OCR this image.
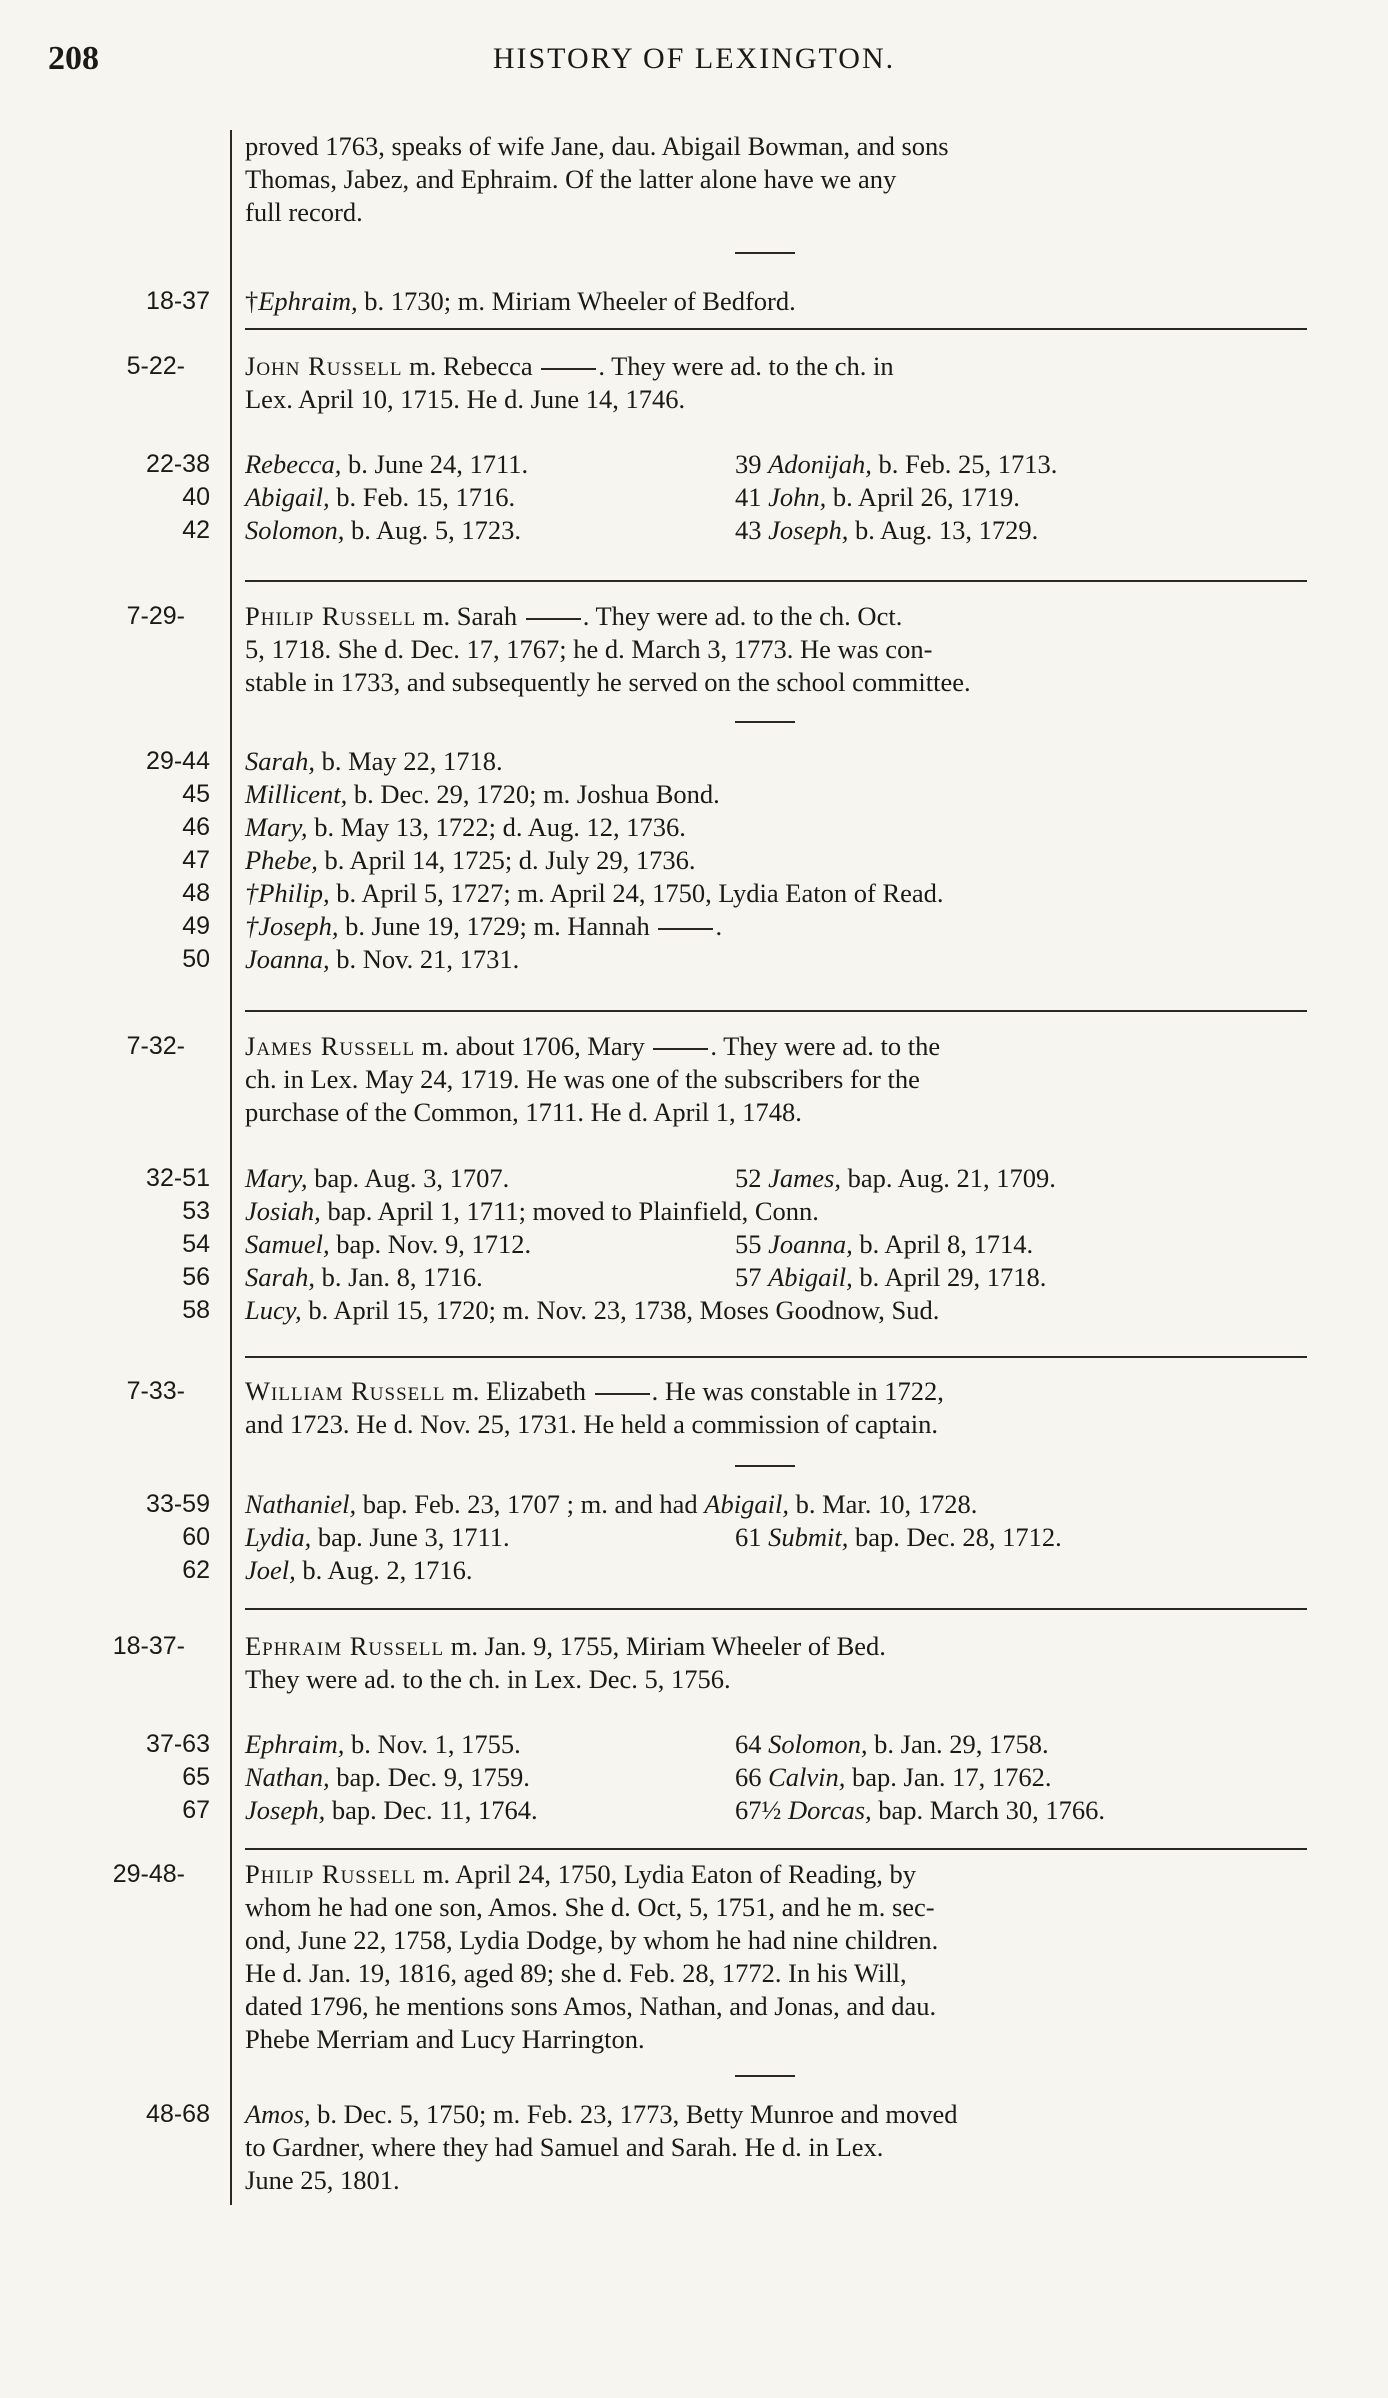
208	HISTORY OF LEXINGTON.
proved 1763, speaks of wife Jane, dau. Abigail Bowman, and sons
Thomas, Jabez, and Ephraim. Of the latter alone have we any
full record.
18-37 †Ephraim, b. 1730; m. Miriam Wheeler of Bedford.
5-22- John Russell m. Rebecca . They were ad. to the ch. in
Lex. April 10, 1715. He d. June 14, 1746.
22-38 Rebecca, b. June 24, 1711.	39 Adonijah, b. Feb. 25, 1713.
40 Abigail, b. Feb. 15, 1716.	41 John, b. April 26, 1719.
42 Solomon, b. Aug. 5, 1723.	43 Joseph, b. Aug. 13, 1729.
7-29- Philip Russell m. Sarah . They were ad. to the ch. Oct.
5, 1718. She d. Dec. 17, 1767; he d. March 3, 1773. He was con-
stable in 1733, and subsequently he served on the school committee.
29-44 Sarah, b. May 22, 1718.
45 Millicent, b. Dec. 29, 1720; m. Joshua Bond.
46 Mary, b. May 13, 1722; d. Aug. 12, 1736.
47 Phebe, b. April 14, 1725; d. July 29, 1736.
48 †Philip, b. April 5, 1727; m. April 24, 1750, Lydia Eaton of Read.
49 †Joseph, b. June 19, 1729; m. Hannah .
50 Joanna, b. Nov. 21, 1731.
7-32- James Russell m. about 1706, Mary . They were ad. to the
ch. in Lex. May 24, 1719. He was one of the subscribers for the
purchase of the Common, 1711. He d. April 1, 1748.
32-51 Mary, bap. Aug. 3, 1707.	52 James, bap. Aug. 21, 1709.
53 Josiah, bap. April 1, 1711; moved to Plainfield, Conn.
54 Samuel, bap. Nov. 9, 1712.	55 Joanna, b. April 8, 1714.
56 Sarah, b. Jan. 8, 1716.	57 Abigail, b. April 29, 1718.
58 Lucy, b. April 15, 1720; m. Nov. 23, 1738, Moses Goodnow, Sud.
7-33- William Russell m. Elizabeth . He was constable in 1722,
and 1723. He d. Nov. 25, 1731. He held a commission of captain.
33-59 Nathaniel, bap. Feb. 23, 1707 ; m. and had Abigail, b. Mar. 10, 1728.
60 Lydia, bap. June 3, 1711.	61 Submit, bap. Dec. 28, 1712.
62 Joel, b. Aug. 2, 1716.
18-37- Ephraim Russell m. Jan. 9, 1755, Miriam Wheeler of Bed.
They were ad. to the ch. in Lex. Dec. 5, 1756.
37-63 Ephraim, b. Nov. 1, 1755.	64 Solomon, b. Jan. 29, 1758.
65 Nathan, bap. Dec. 9, 1759.	66 Calvin, bap. Jan. 17, 1762.
67 Joseph, bap. Dec. 11, 1764.	67½ Dorcas, bap. March 30, 1766.
29-48- Philip Russell m. April 24, 1750, Lydia Eaton of Reading, by
whom he had one son, Amos. She d. Oct, 5, 1751, and he m. sec-
ond, June 22, 1758, Lydia Dodge, by whom he had nine children.
He d. Jan. 19, 1816, aged 89; she d. Feb. 28, 1772. In his Will,
dated 1796, he mentions sons Amos, Nathan, and Jonas, and dau.
Phebe Merriam and Lucy Harrington.
48-68 Amos, b. Dec. 5, 1750; m. Feb. 23, 1773, Betty Munroe and moved
to Gardner, where they had Samuel and Sarah. He d. in Lex.
June 25, 1801.
